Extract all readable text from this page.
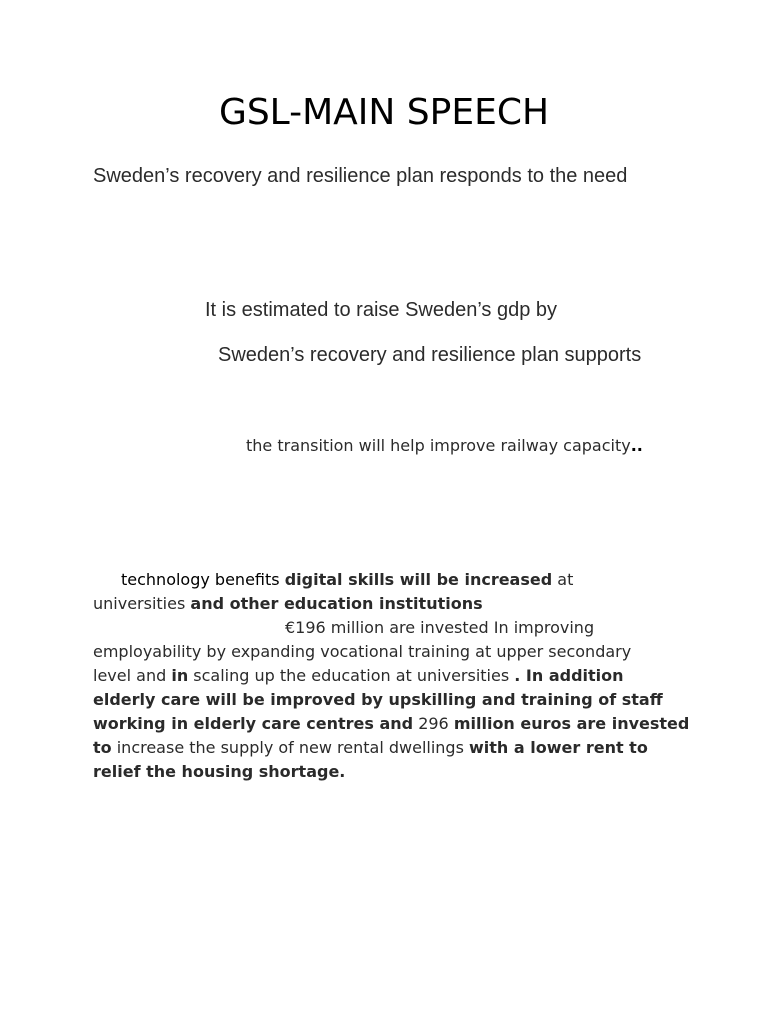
GSL-MAIN SPEECH
Sweden’s recovery and resilience plan responds to the need
It is estimated to raise Sweden’s gdp by
Sweden’s recovery and resilience plan supports
the transition will help improve railway capacity..
technology benefits digital skills will be increased at
universities and other education institutions
€196 million are invested In improving
employability by expanding vocational training at upper secondary
level and in scaling up the education at universities . In addition
elderly care will be improved by upskilling and training of staff
working in elderly care centres and 296 million euros are invested
to increase the supply of new rental dwellings with a lower rent to
relief the housing shortage.
